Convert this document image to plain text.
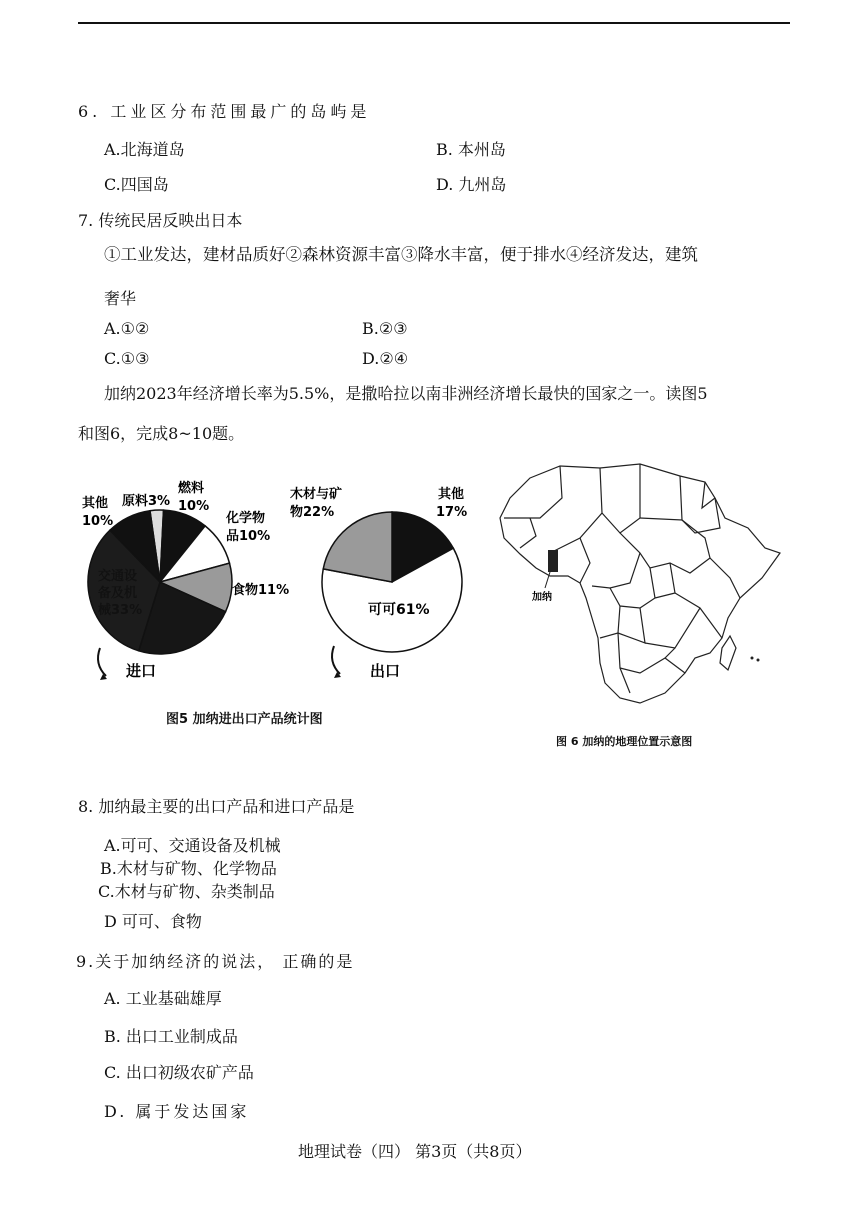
6. 工业区分布范围最广的岛屿是
A.北海道岛	B. 本州岛
C.四国岛	D. 九州岛
7. 传统民居反映出日本
①工业发达，建材品质好②森林资源丰富③降水丰富，便于排水④经济发达，建筑
奢华
A.①②	B.②③
C.①③	D.②④
加纳2023年经济增长率为5.5%，是撒哈拉以南非洲经济增长最快的国家之一。读图5
和图6，完成8~10题。
其他
10%
原料3%
燃料
10%
化学物
品10%
食物11%
交通设
备及机
械33%
木材与矿
物22%
其他
17%
可可61%
进口	出口
图5 加纳进出口产品统计图
加纳
图 6 加纳的地理位置示意图
8. 加纳最主要的出口产品和进口产品是
A.可可、交通设备及机械
B.木材与矿物、化学物品
C.木材与矿物、杂类制品
D 可可、食物
9.关于加纳经济的说法， 正确的是
A. 工业基础雄厚
B. 出口工业制成品
C. 出口初级农矿产品
D. 属于发达国家
地理试卷（四） 第3页（共8页）
